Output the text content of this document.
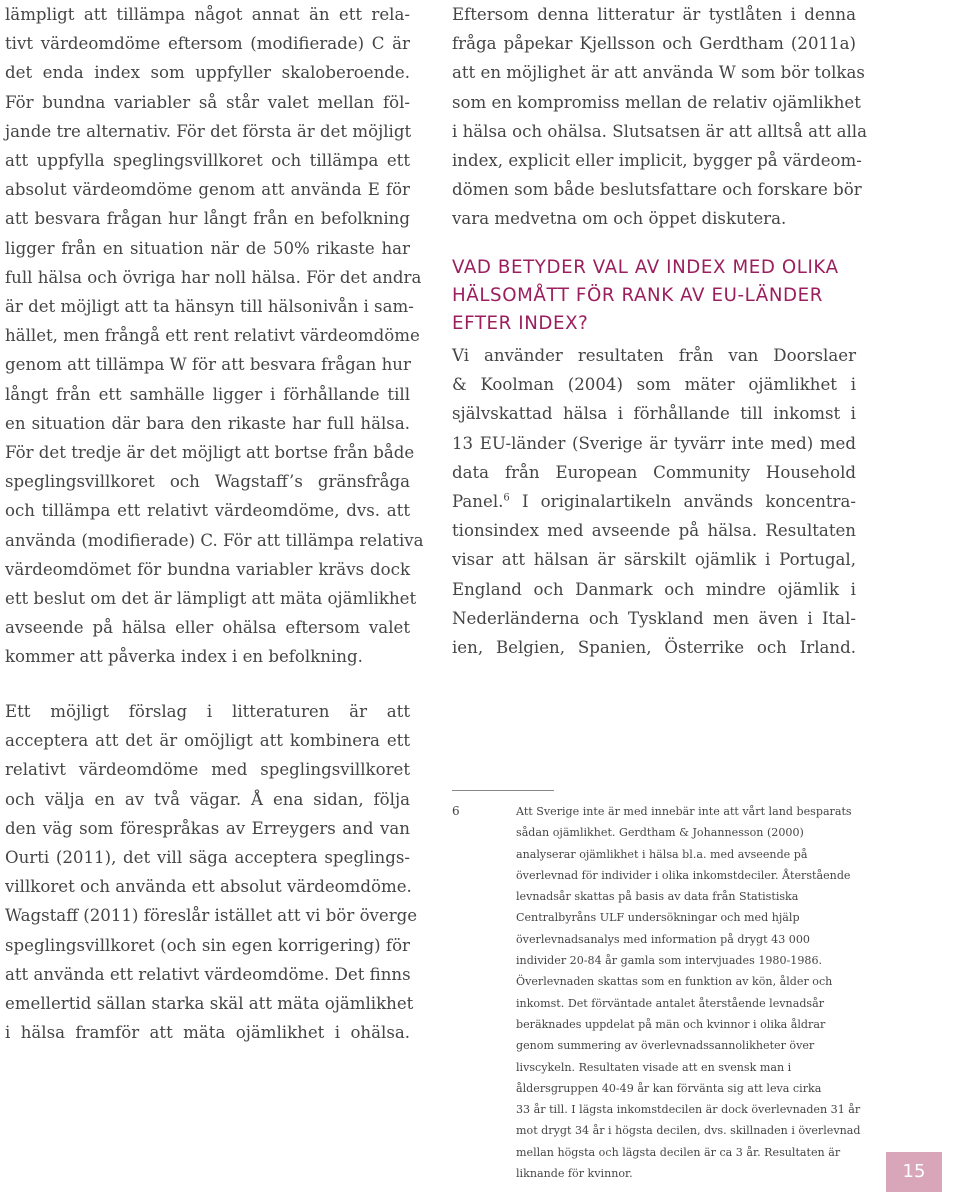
lämpligt att tillämpa något annat än ett rela-
tivt värdeomdöme eftersom (modifierade) C är
det enda index som uppfyller skaloberoende.
För bundna variabler så står valet mellan föl-
jande tre alternativ. För det första är det möjligt
att uppfylla speglingsvillkoret och tillämpa ett
absolut värdeomdöme genom att använda E för
att besvara frågan hur långt från en befolkning
ligger från en situation när de 50% rikaste har
full hälsa och övriga har noll hälsa. För det andra
är det möjligt att ta hänsyn till hälsonivån i sam-
hället, men frångå ett rent relativt värdeomdöme
genom att tillämpa W för att besvara frågan hur
långt från ett samhälle ligger i förhållande till
en situation där bara den rikaste har full hälsa.
För det tredje är det möjligt att bortse från både
speglingsvillkoret och Wagstaff’s gränsfråga
och tillämpa ett relativt värdeomdöme, dvs. att
använda (modifierade) C. För att tillämpa relativa
värdeomdömet för bundna variabler krävs dock
ett beslut om det är lämpligt att mäta ojämlikhet
avseende på hälsa eller ohälsa eftersom valet
kommer att påverka index i en befolkning.
Ett möjligt förslag i litteraturen är att
acceptera att det är omöjligt att kombinera ett
relativt värdeomdöme med speglingsvillkoret
och välja en av två vägar. Å ena sidan, följa
den väg som förespråkas av Erreygers and van
Ourti (2011), det vill säga acceptera speglings-
villkoret och använda ett absolut värdeomdöme.
Wagstaff (2011) föreslår istället att vi bör överge
speglingsvillkoret (och sin egen korrigering) för
att använda ett relativt värdeomdöme. Det finns
emellertid sällan starka skäl att mäta ojämlikhet
i hälsa framför att mäta ojämlikhet i ohälsa.
Eftersom denna litteratur är tystlåten i denna
fråga påpekar Kjellsson och Gerdtham (2011a)
att en möjlighet är att använda W som bör tolkas
som en kompromiss mellan de relativ ojämlikhet
i hälsa och ohälsa. Slutsatsen är att alltså att alla
index, explicit eller implicit, bygger på värdeom-
dömen som både beslutsfattare och forskare bör
vara medvetna om och öppet diskutera.
VAD BETYDER VAL AV INDEX MED OLIKA
HÄLSOMÅTT FÖR RANK AV EU-LÄNDER
EFTER INDEX?
Vi använder resultaten från van Doorslaer
& Koolman (2004) som mäter ojämlikhet i
självskattad hälsa i förhållande till inkomst i
13 EU-länder (Sverige är tyvärr inte med) med
data från European Community Household
Panel.$^6$ I originalartikeln används koncentra-
tionsindex med avseende på hälsa. Resultaten
visar att hälsan är särskilt ojämlik i Portugal,
England och Danmark och mindre ojämlik i
Nederländerna och Tyskland men även i Ital-
ien, Belgien, Spanien, Österrike och Irland.
6	Att Sverige inte är med innebär inte att vårt land besparats
sådan ojämlikhet. Gerdtham & Johannesson (2000)
analyserar ojämlikhet i hälsa bl.a. med avseende på
överlevnad för individer i olika inkomstdeciler. Återstående
levnadsår skattas på basis av data från Statistiska
Centralbyråns ULF undersökningar och med hjälp
överlevnadsanalys med information på drygt 43 000
individer 20-84 år gamla som intervjuades 1980-1986.
Överlevnaden skattas som en funktion av kön, ålder och
inkomst. Det förväntade antalet återstående levnadsår
beräknades uppdelat på män och kvinnor i olika åldrar
genom summering av överlevnadssannolikheter över
livscykeln. Resultaten visade att en svensk man i
åldersgruppen 40-49 år kan förvänta sig att leva cirka
33 år till. I lägsta inkomstdecilen är dock överlevnaden 31 år
mot drygt 34 år i högsta decilen, dvs. skillnaden i överlevnad
mellan högsta och lägsta decilen är ca 3 år. Resultaten är
liknande för kvinnor.	15
